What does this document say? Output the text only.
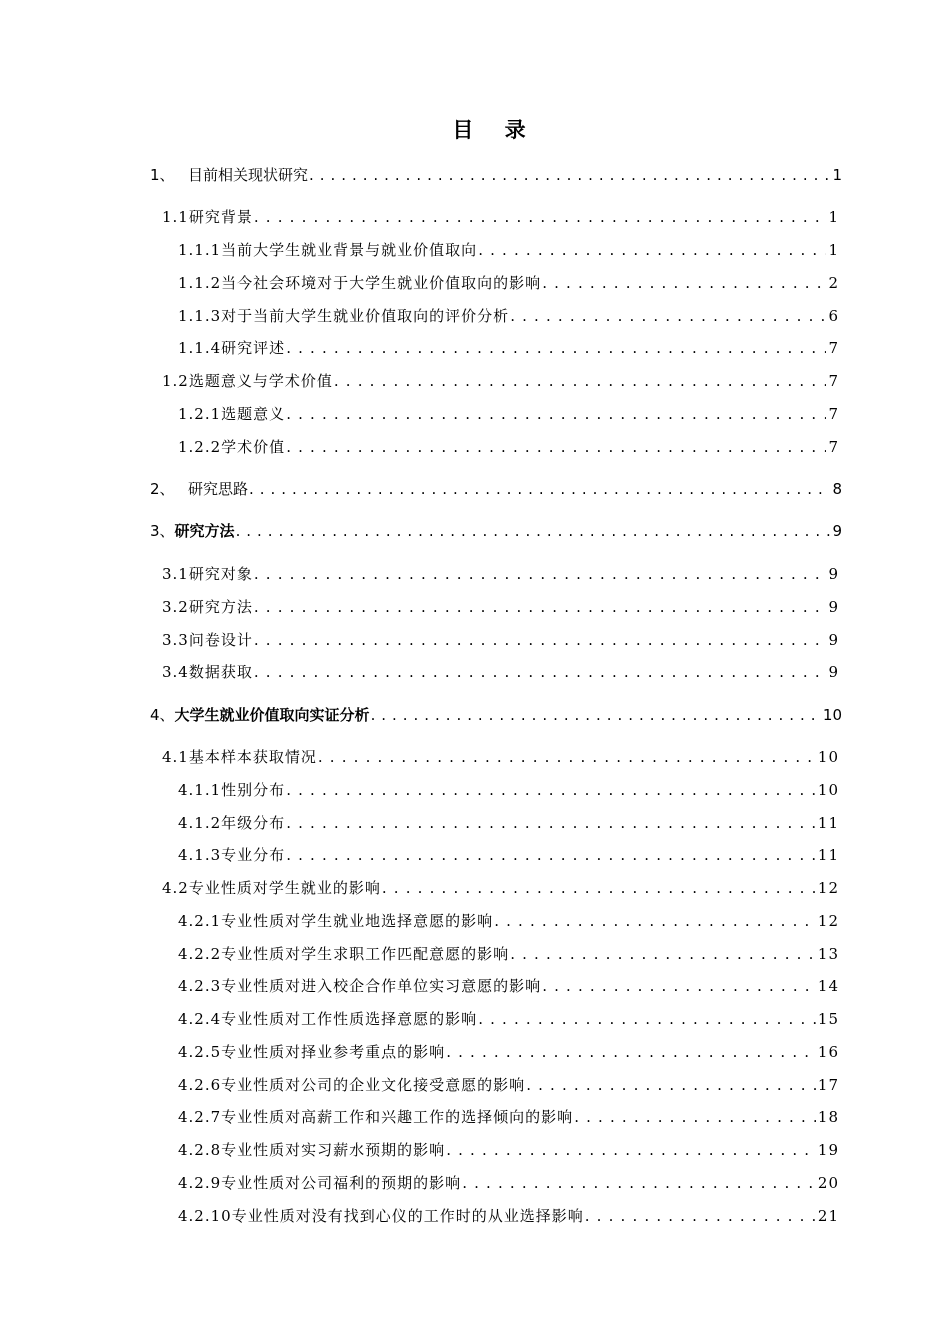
目 录
1、 目前相关现状研究 . . .	1
1.1 研究背景 . . .	1
1.1.1 当前大学生就业背景与就业价值取向 . . .	1
1.1.2 当今社会环境对于大学生就业价值取向的影响 . . .	2
1.1.3 对于当前大学生就业价值取向的评价分析 . . .	6
1.1.4 研究评述 . . .	7
1.2 选题意义与学术价值 . . .	7
1.2.1 选题意义 . . .	7
1.2.2 学术价值 . . .	7
2、 研究思路 . . .	8
3、 研究方法 . . .	9
3.1 研究对象 . . .	9
3.2 研究方法 . . .	9
3.3 问卷设计 . . .	9
3.4 数据获取 . . .	9
4、 大学生就业价值取向实证分析 . . .	10
4.1 基本样本获取情况 . . .	10
4.1.1 性别分布 . . .	10
4.1.2 年级分布 . . .	11
4.1.3 专业分布 . . .	11
4.2 专业性质对学生就业的影响 . . .	12
4.2.1 专业性质对学生就业地选择意愿的影响 . . .	12
4.2.2 专业性质对学生求职工作匹配意愿的影响 . . .	13
4.2.3 专业性质对进入校企合作单位实习意愿的影响 . . .	14
4.2.4 专业性质对工作性质选择意愿的影响 . . .	15
4.2.5 专业性质对择业参考重点的影响 . . .	16
4.2.6 专业性质对公司的企业文化接受意愿的影响 . . .	17
4.2.7 专业性质对高薪工作和兴趣工作的选择倾向的影响 . . .	18
4.2.8 专业性质对实习薪水预期的影响 . . .	19
4.2.9 专业性质对公司福利的预期的影响 . . .	20
4.2.10 专业性质对没有找到心仪的工作时的从业选择影响 . . .	21
